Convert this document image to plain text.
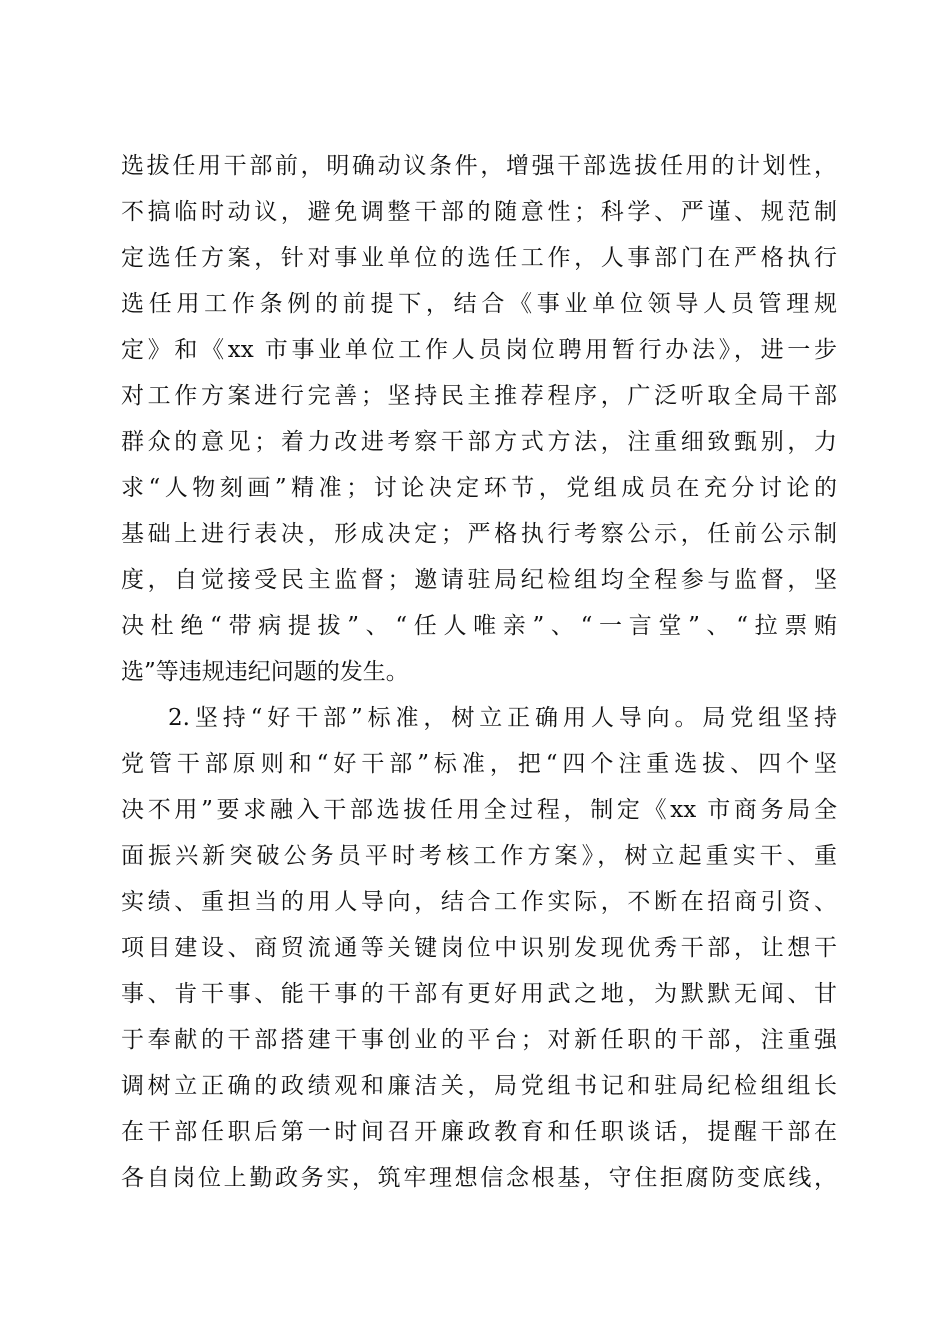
选拔任用干部前，明确动议条件，增强干部选拔任用的计划性，
不搞临时动议，避免调整干部的随意性；科学、严谨、规范制
定选任方案，针对事业单位的选任工作，人事部门在严格执行
选任用工作条例的前提下，结合《事业单位领导人员管理规
定》和《xx 市事业单位工作人员岗位聘用暂行办法》，进一步
对工作方案进行完善；坚持民主推荐程序，广泛听取全局干部
群众的意见；着力改进考察干部方式方法，注重细致甄别，力
求“人物刻画”精准；讨论决定环节，党组成员在充分讨论的
基础上进行表决，形成决定；严格执行考察公示，任前公示制
度，自觉接受民主监督；邀请驻局纪检组均全程参与监督，坚
决杜绝“带病提拔”、“任人唯亲”、“一言堂”、“拉票贿
选”等违规违纪问题的发生。
2.坚持“好干部”标准，树立正确用人导向。局党组坚持
党管干部原则和“好干部”标准，把“四个注重选拔、四个坚
决不用”要求融入干部选拔任用全过程，制定《xx 市商务局全
面振兴新突破公务员平时考核工作方案》，树立起重实干、重
实绩、重担当的用人导向，结合工作实际，不断在招商引资、
项目建设、商贸流通等关键岗位中识别发现优秀干部，让想干
事、肯干事、能干事的干部有更好用武之地，为默默无闻、甘
于奉献的干部搭建干事创业的平台；对新任职的干部，注重强
调树立正确的政绩观和廉洁关，局党组书记和驻局纪检组组长
在干部任职后第一时间召开廉政教育和任职谈话，提醒干部在
各自岗位上勤政务实，筑牢理想信念根基，守住拒腐防变底线，
